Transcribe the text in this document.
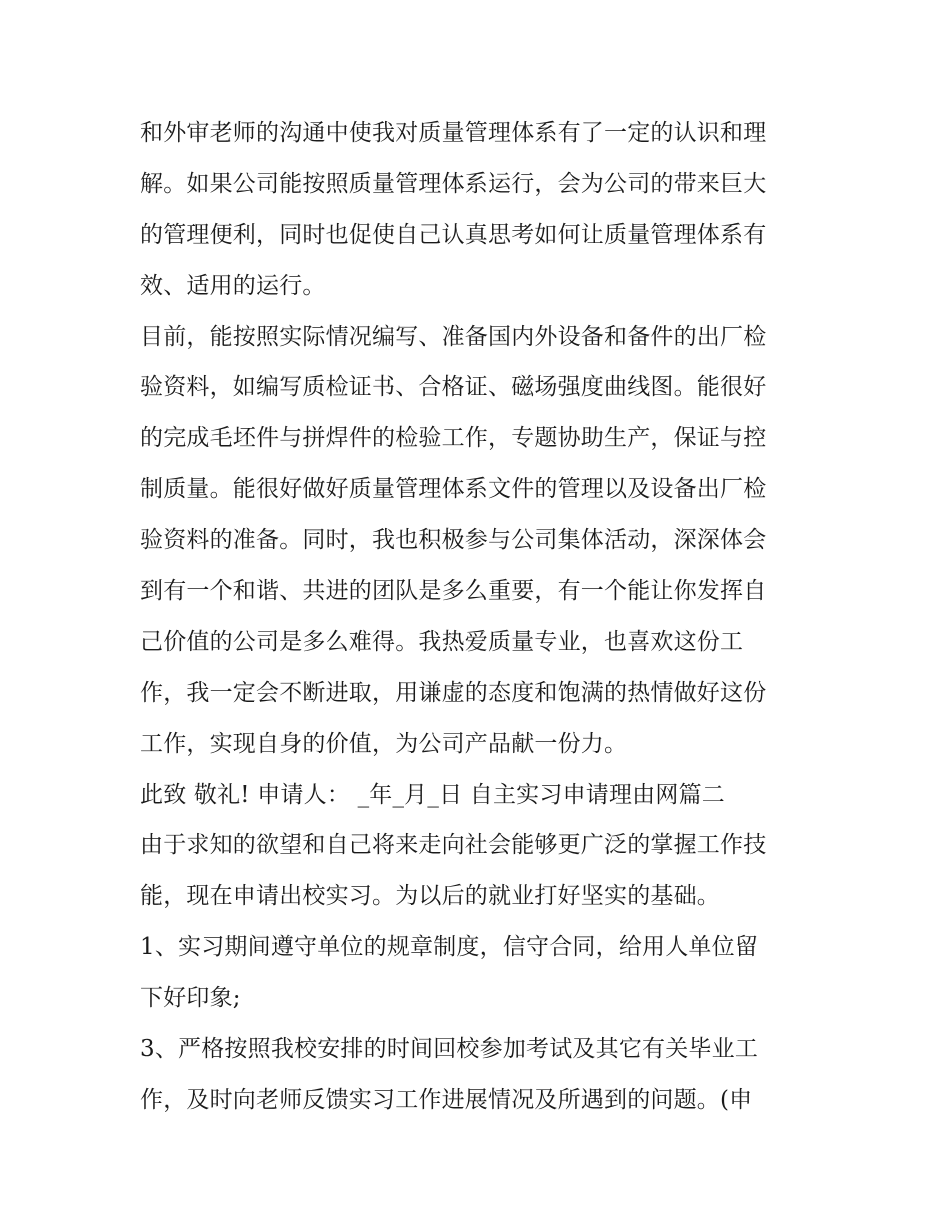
和外审老师的沟通中使我对质量管理体系有了一定的认识和理
解。如果公司能按照质量管理体系运行，会为公司的带来巨大
的管理便利，同时也促使自己认真思考如何让质量管理体系有
效、适用的运行。
目前，能按照实际情况编写、准备国内外设备和备件的出厂检
验资料，如编写质检证书、合格证、磁场强度曲线图。能很好
的完成毛坯件与拼焊件的检验工作，专题协助生产，保证与控
制质量。能很好做好质量管理体系文件的管理以及设备出厂检
验资料的准备。同时，我也积极参与公司集体活动，深深体会
到有一个和谐、共进的团队是多么重要，有一个能让你发挥自
己价值的公司是多么难得。我热爱质量专业，也喜欢这份工
作，我一定会不断进取，用谦虚的态度和饱满的热情做好这份
工作，实现自身的价值，为公司产品献一份力。
此致 敬礼! 申请人： _年_月_日 自主实习申请理由网篇二
由于求知的欲望和自己将来走向社会能够更广泛的掌握工作技
能，现在申请出校实习。为以后的就业打好坚实的基础。
1、实习期间遵守单位的规章制度，信守合同，给用人单位留
下好印象;
3、严格按照我校安排的时间回校参加考试及其它有关毕业工
作，及时向老师反馈实习工作进展情况及所遇到的问题。(申
